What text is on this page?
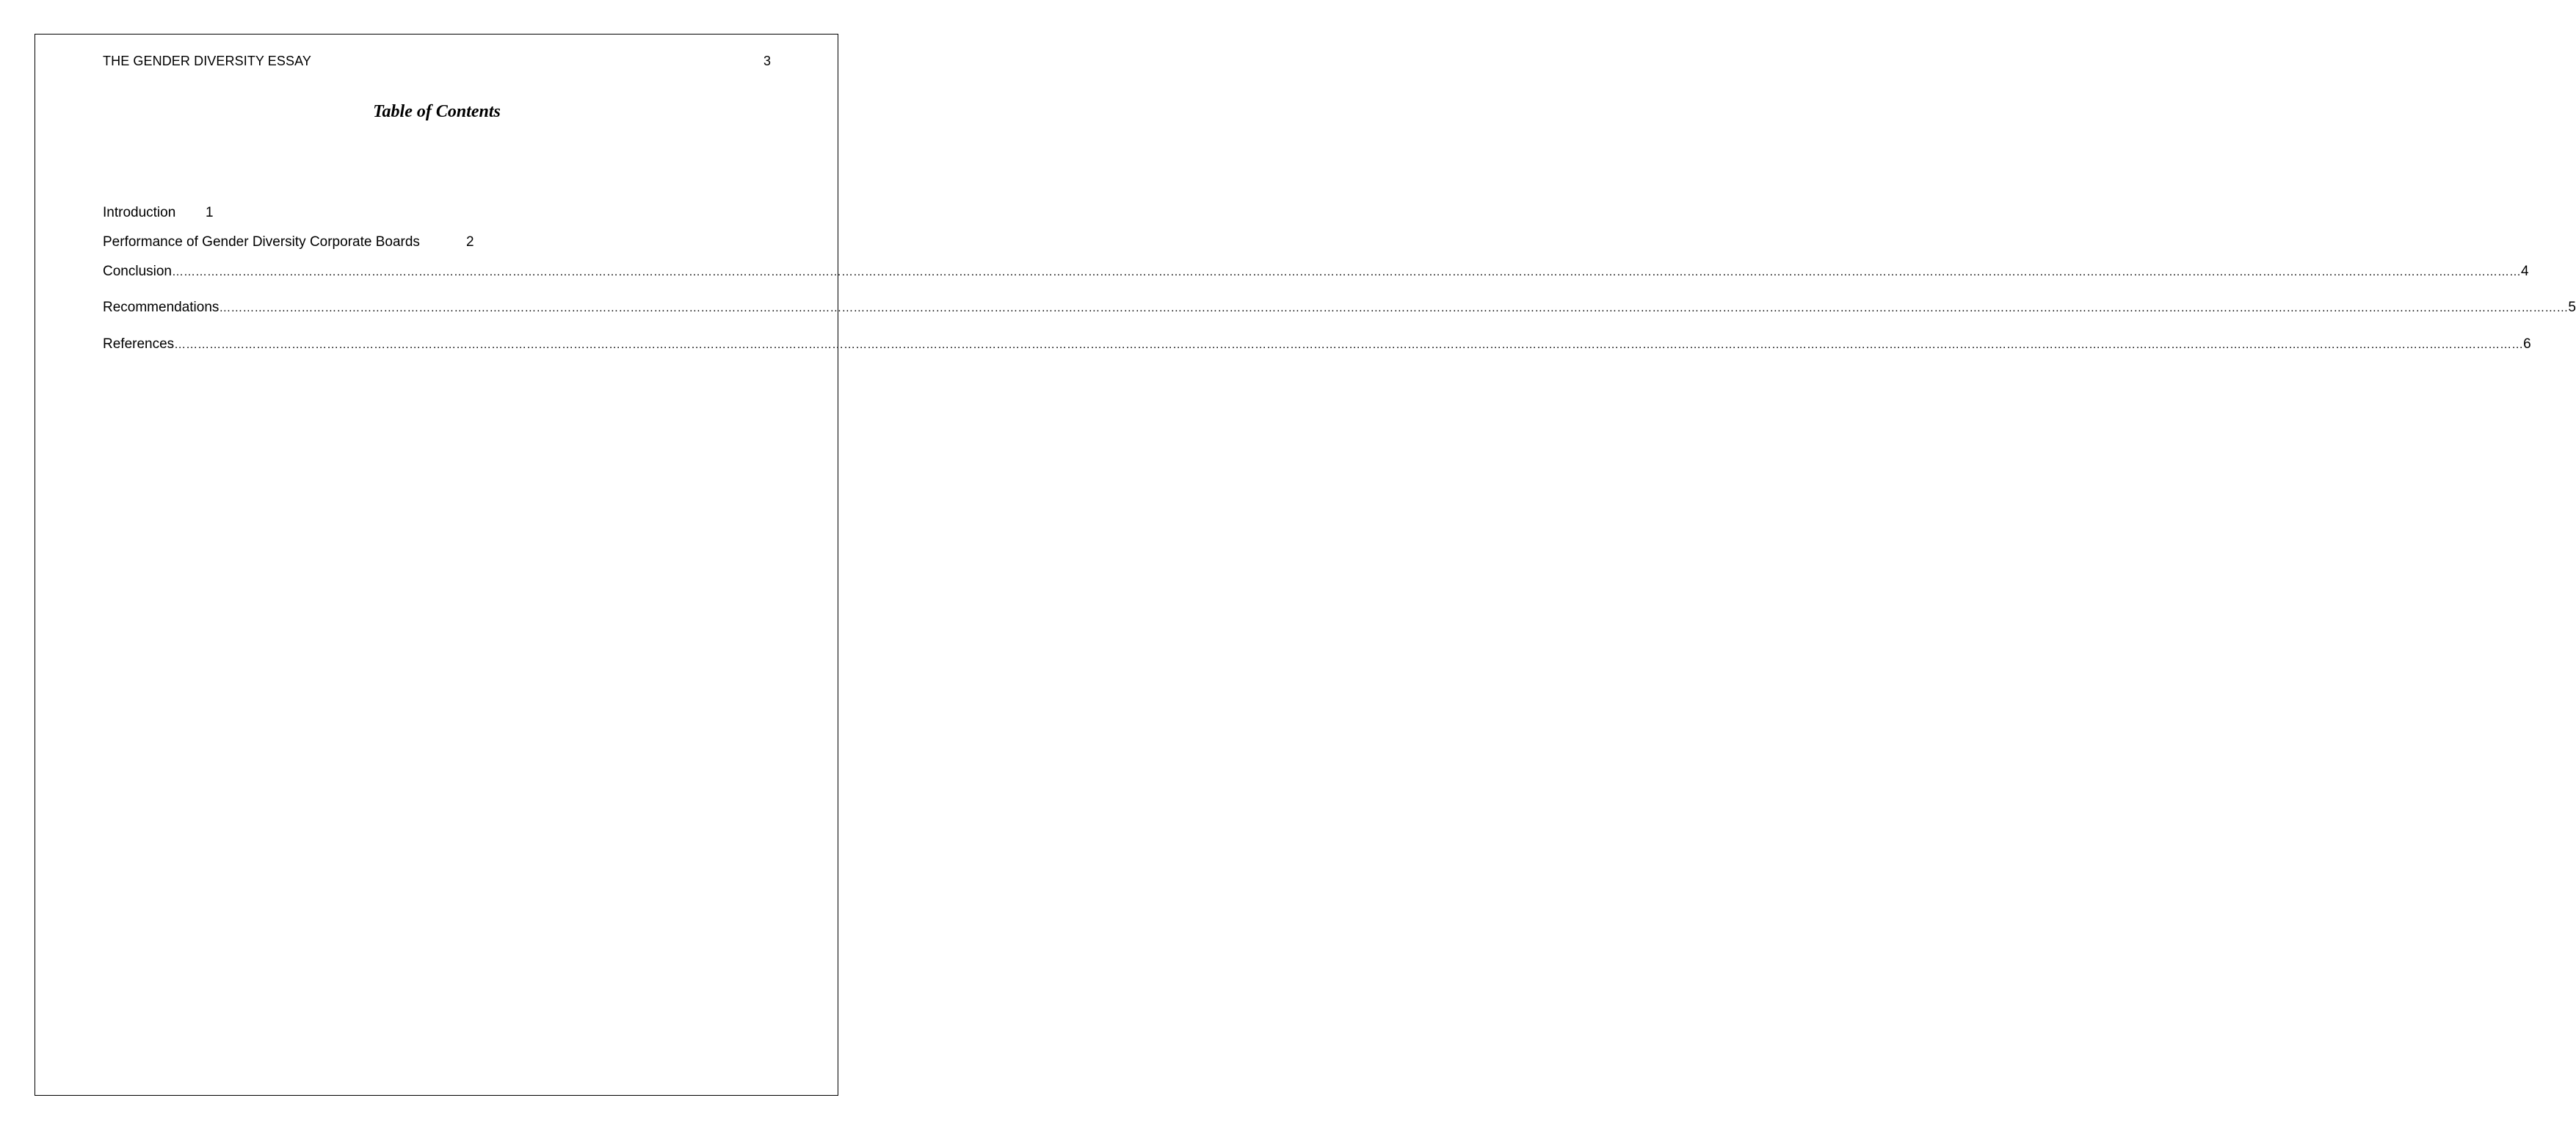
THE GENDER DIVERSITY ESSAY	3
Table of Contents
Introduction 1
Performance of Gender Diversity Corporate Boards	2
Conclusion …………………………………………………………………………………………………………………………………………………………………………………………………………………………………………………………………………………………………………………………………………………………………………………………………………………………………………………………………………………………………………………………………………………… 4
Recommendations …………………………………………………………………………………………………………………………………………………………………………………………………………………………………………………………………………………………………………………………………………………………………………………………………………………………………………………………………………………………………………………………………………………… 5
References …………………………………………………………………………………………………………………………………………………………………………………………………………………………………………………………………………………………………………………………………………………………………………………………………………………………………………………………………………………………………………………………………………………… 6
